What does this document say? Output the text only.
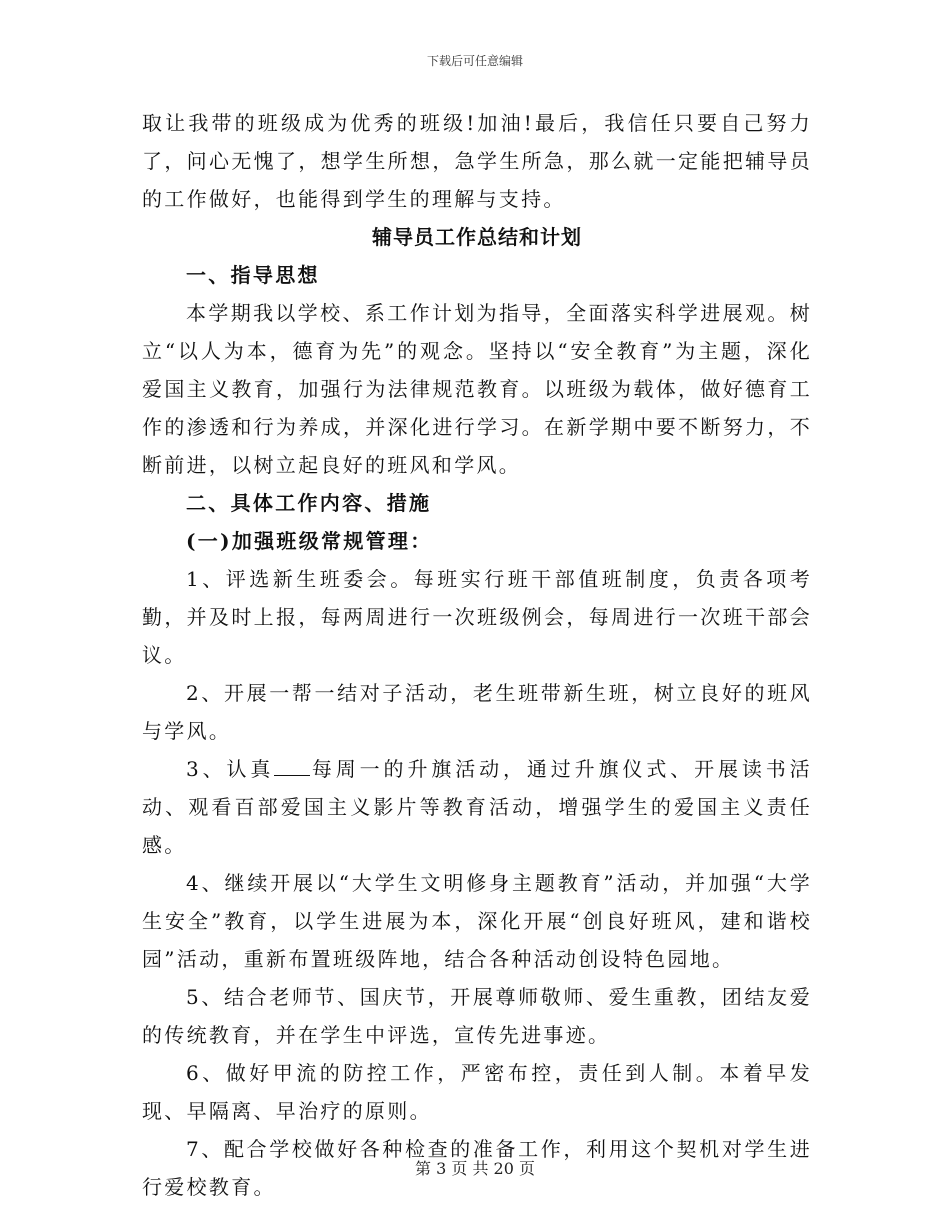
下载后可任意编辑

取让我带的班级成为优秀的班级!加油!最后，我信任只要自己努力了，问心无愧了，想学生所想，急学生所急，那么就一定能把辅导员的工作做好，也能得到学生的理解与支持。

辅导员工作总结和计划

一、指导思想

本学期我以学校、系工作计划为指导，全面落实科学进展观。树立“以人为本，德育为先”的观念。坚持以“安全教育”为主题，深化爱国主义教育，加强行为法律规范教育。以班级为载体，做好德育工作的渗透和行为养成，并深化进行学习。在新学期中要不断努力，不断前进，以树立起良好的班风和学风。

二、具体工作内容、措施

(一)加强班级常规管理：

1、评选新生班委会。每班实行班干部值班制度，负责各项考勤，并及时上报，每两周进行一次班级例会，每周进行一次班干部会议。

2、开展一帮一结对子活动，老生班带新生班，树立良好的班风与学风。

3、认真 每周一的升旗活动，通过升旗仪式、开展读书活动、观看百部爱国主义影片等教育活动，增强学生的爱国主义责任感。

4、继续开展以“大学生文明修身主题教育”活动，并加强“大学生安全”教育，以学生进展为本，深化开展“创良好班风，建和谐校园”活动，重新布置班级阵地，结合各种活动创设特色园地。

5、结合老师节、国庆节，开展尊师敬师、爱生重教，团结友爱的传统教育，并在学生中评选，宣传先进事迹。

6、做好甲流的防控工作，严密布控，责任到人制。本着早发现、早隔离、早治疗的原则。

7、配合学校做好各种检查的准备工作，利用这个契机对学生进行爱校教育。

第 3 页 共 20 页
